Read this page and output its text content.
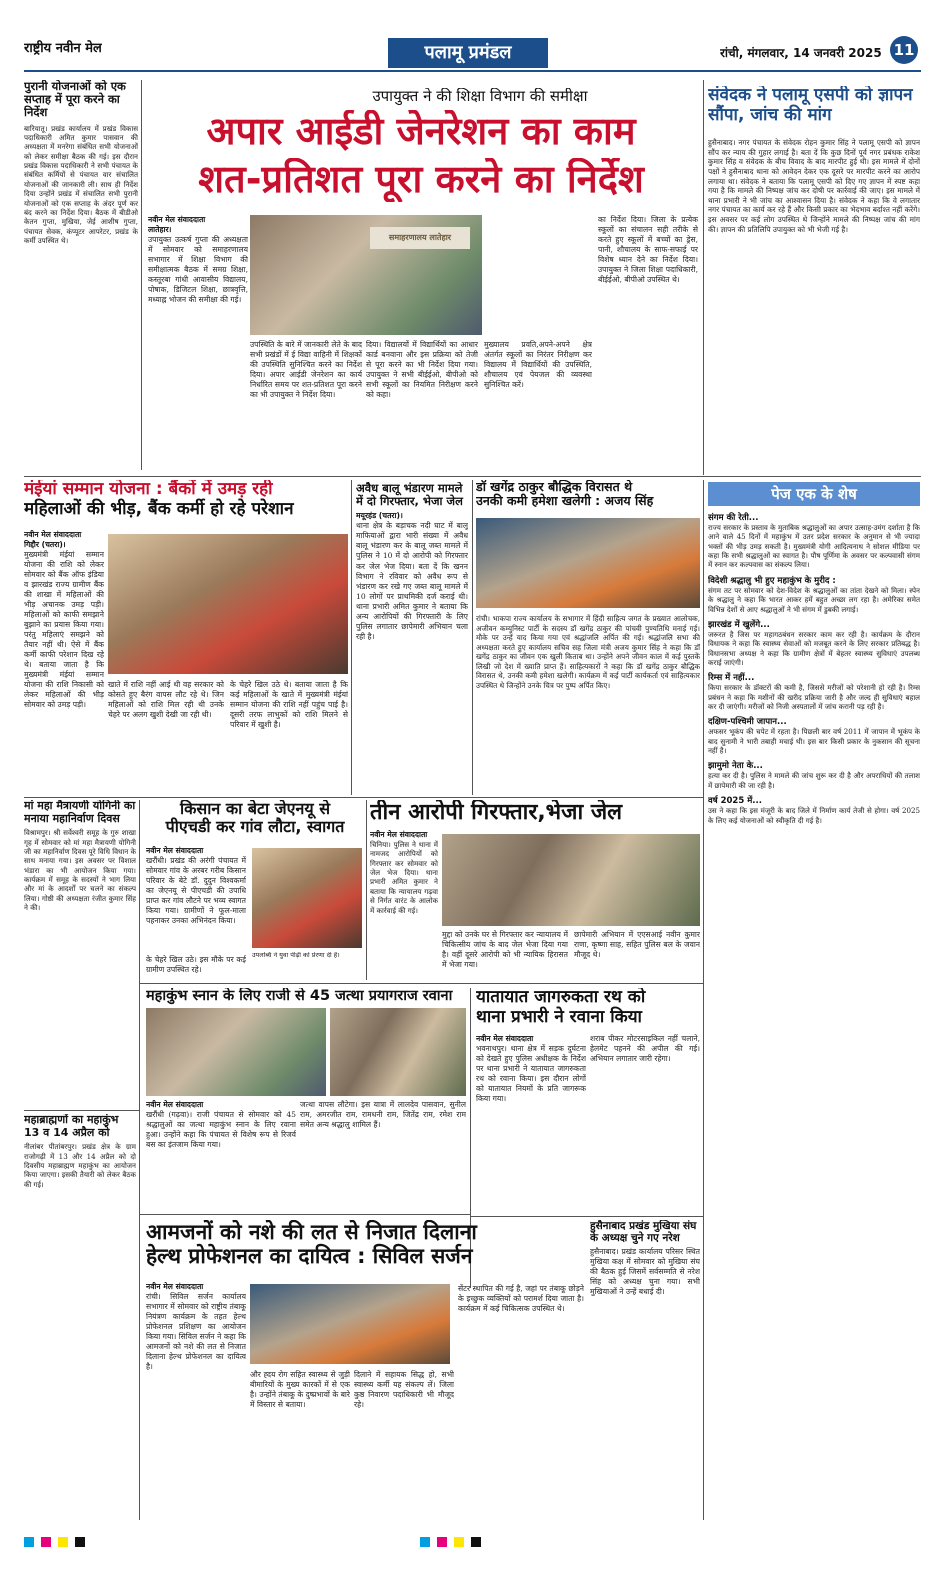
राष्ट्रीय नवीन मेल	पलामू प्रमंडल	रांची, मंगलवार, 14 जनवरी 2025 11
पुरानी योजनाओं को एक सप्ताह में पूरा करने का निर्देश
बारियातू। प्रखंड कार्यालय में प्रखंड विकास पदाधिकारी अमित कुमार पासवान की अध्यक्षता में मनरेगा संबंधित सभी योजनाओं को लेकर समीक्षा बैठक की गई। इस दौरान प्रखंड विकास पदाधिकारी ने सभी पंचायत के संबंधित कर्मियों से पंचायत वार संचालित योजनाओं की जानकारी ली। साथ ही निर्देश दिया उन्होंने प्रखंड में संचालित सभी पुरानी योजनाओं को एक सप्ताह के अंदर पूर्ण कर बंद करने का निर्देश दिया। बैठक में बीडीओ केतन गुप्ता, मुखिया, जेई आशीष गुप्ता, पंचायत सेवक, कंप्यूटर आपरेटर, प्रखंड के कर्मी उपस्थित थे।
उपायुक्त ने की शिक्षा विभाग की समीक्षा
अपार आईडी जेनरेशन का काम
शत-प्रतिशत पूरा करने का निर्देश
नवीन मेल संवाददाता
लातेहार।
उपायुक्त उत्कर्ष गुप्ता की अध्यक्षता में सोमवार को समाहरणालय सभागार में शिक्षा विभाग की समीक्षात्मक बैठक में समग्र शिक्षा, कस्तूरबा गांधी आवासीय विद्यालय, पोषाक, डिजिटल शिक्षा, छात्रवृत्ति, मध्याह्न भोजन की समीक्षा की गई।
समाहरणालय लातेहार
उपस्थिति के बारे में जानकारी लेते के बाद सभी प्रखंडों में ई विद्या वाहिनी में शिक्षकों की उपस्थिति सुनिश्चित करने का निर्देश दिया। अपार आईडी जेनरेशन का कार्य निर्धारित समय पर शत-प्रतिशत पूरा करने का भी उपायुक्त ने निर्देश दिया।
दिया। विद्यालयों में विद्यार्थियों का आधार कार्ड बनवाना और इस प्रक्रिया को तेजी से पूरा करने का भी निर्देश दिया गया। उपायुक्त ने सभी बीईईओ, बीपीओ को सभी स्कूलों का नियमित निरीक्षण करने को कहा।
मुख्यालय प्रवति,अपने-अपने क्षेत्र अंतर्गत स्कूलों का निरंतर निरीक्षण कर विद्यालय में विद्यार्थियों की उपस्थिति, शौचालय एवं पेयजल की व्यवस्था सुनिश्चित करें।
का निर्देश दिया। जिला के प्रत्येक स्कूलों का संचालन सही तरीके से करते हुए स्कूलों में बच्चों का ड्रेस, पानी, शौचालय के साफ-सफाई पर विशेष ध्यान देने का निर्देश दिया। उपायुक्त ने जिला शिक्षा पदाधिकारी, बीईईओ, बीपीओ उपस्थित थे।
संवेदक ने पलामू एसपी को ज्ञापन सौंपा, जांच की मांग
हुसैनाबाद। नगर पंचायत के संवेदक रोहन कुमार सिंह ने पलामू एसपी को ज्ञापन सौंप कर न्याय की गुहार लगाई है। बता दें कि कुछ दिनों पूर्व नगर प्रबंधक राकेश कुमार सिंह व संवेदक के बीच विवाद के बाद मारपीट हुई थी। इस मामले में दोनों पक्षों ने हुसैनाबाद थाना को आवेदन देकर एक दूसरे पर मारपीट करने का आरोप लगाया था। संवेदक ने बताया कि पलामू एसपी को दिए गए ज्ञापन में स्पष्ट कहा गया है कि मामले की निष्पक्ष जांच कर दोषी पर कार्रवाई की जाए। इस मामले में थाना प्रभारी ने भी जांच का आश्वासन दिया है। संवेदक ने कहा कि वे लगातार नगर पंचायत का कार्य कर रहे हैं और किसी प्रकार का भेदभाव बर्दाश्त नहीं करेंगे। इस अवसर पर कई लोग उपस्थित थे जिन्होंने मामले की निष्पक्ष जांच की मांग की। ज्ञापन की प्रतिलिपि उपायुक्त को भी भेजी गई है।
मंईयां सम्मान योजना : बैंकों में उमड़ रही
महिलाओं की भीड़, बैंक कर्मी हो रहे परेशान
नवीन मेल संवाददाता
गिद्दौर (चतरा)।
मुख्यमंत्री मंईयां सम्मान योजना की राशि को लेकर सोमवार को बैंक ऑफ इंडिया व झारखंड राज्य ग्रामीण बैंक की शाखा में महिलाओं की भीड़ अचानक उमड़ पड़ी। महिलाओं को काफी समझाने बुझाने का प्रयास किया गया। परंतु महिलाएं समझने को तैयार नहीं थी। ऐसे में बैंक कर्मी काफी परेशान दिख रहे थे। बताया जाता है कि मुख्यमंत्री मंईयां सम्मान योजना की राशि निकासी को लेकर महिलाओं की भीड़ सोमवार को उमड़ पड़ी।
खाते में राशि नहीं आई थी वह सरकार को कोसते हुए बैरंग वापस लौट रहे थे। जिन महिलाओं को राशि मिल रही थी उनके चेहरे पर अलग खुशी देखी जा रही थी।
के चेहरे खिल उठे थे। बताया जाता है कि कई महिलाओं के खाते में मुख्यमंत्री मंईयां सम्मान योजना की राशि नहीं पहुंच पाई है। दूसरी तरफ लाभुकों को राशि मिलने से परिवार में खुशी है।
अवैध बालू भंडारण मामले में दो गिरफ्तार, भेजा जेल
मयूरहंड (चतरा)।
थाना क्षेत्र के बड़ाचक नदी घाट में बालू माफियाओं द्वारा भारी संख्या में अवैध बालू भंडारण कर के बालू जब्त मामले में पुलिस ने 10 में दो आरोपी को गिरफ्तार कर जेल भेज दिया। बता दें कि खनन विभाग ने रविवार को अवैध रूप से भंडारण कर रखे गए जब्त बालू मामले में 10 लोगों पर प्राथमिकी दर्ज कराई थी। थाना प्रभारी अमित कुमार ने बताया कि अन्य आरोपियों की गिरफ्तारी के लिए पुलिस लगातार छापेमारी अभियान चला रही है।
डॉ खगेंद्र ठाकुर बौद्धिक विरासत थे
उनकी कमी हमेशा खलेगी : अजय सिंह
रांची। भाकपा राज्य कार्यालय के सभागार में हिंदी साहित्य जगत के प्रख्यात आलोचक, अजीवन कम्युनिस्ट पार्टी के सदस्य डॉ खगेंद्र ठाकुर की पांचवी पुण्यतिथि मनाई गई। मौके पर उन्हें याद किया गया एवं श्रद्धांजलि अर्पित की गई। श्रद्धांजलि सभा की अध्यक्षता करते हुए कार्यालय सचिव सह जिला मंत्री अजय कुमार सिंह ने कहा कि डॉ खगेंद्र ठाकुर का जीवन एक खुली किताब था। उन्होंने अपने जीवन काल में कई पुस्तकें लिखी जो देश में ख्याति प्राप्त हैं। साहित्यकारों ने कहा कि डॉ खगेंद्र ठाकुर बौद्धिक विरासत थे, उनकी कमी हमेशा खलेगी। कार्यक्रम में कई पार्टी कार्यकर्ता एवं साहित्यकार उपस्थित थे जिन्होंने उनके चित्र पर पुष्प अर्पित किए।
पेज एक के शेष
संगम की रेती...
राज्य सरकार के प्रस्ताव के मुताबिक श्रद्धालुओं का अपार उत्साह-उमंग दर्शाता है कि आने वाले 45 दिनों में महाकुंभ में उतर प्रदेश सरकार के अनुमान से भी ज्यादा भक्तों की भीड़ उमड़ सकती है। मुख्यमंत्री योगी आदित्यनाथ ने सोशल मीडिया पर कहा कि सभी श्रद्धालुओं का स्वागत है। पौष पूर्णिमा के अवसर पर कल्पवासी संगम में स्नान कर कल्पवास का संकल्प लिया।
विदेशी श्रद्धालु भी हुए महाकुंभ के मुरीद :
संगम तट पर सोमवार को देश-विदेश के श्रद्धालुओं का तांता देखने को मिला। स्पेन के श्रद्धालु ने कहा कि भारत आकर हमें बहुत अच्छा लग रहा है। अमेरिका समेत विभिन्न देशों से आए श्रद्धालुओं ने भी संगम में डुबकी लगाई।
झारखंड में खुलेंगे...
जरूरत है जिस पर महागठबंधन सरकार काम कर रही है। कार्यक्रम के दौरान विधायक ने कहा कि स्वास्थ्य सेवाओं को मजबूत करने के लिए सरकार प्रतिबद्ध है। विधानसभा अध्यक्ष ने कहा कि ग्रामीण क्षेत्रों में बेहतर स्वास्थ्य सुविधाएं उपलब्ध कराई जाएंगी।
रिम्स में नहीं...
किया सरकार के डॉक्टरों की कमी है, जिससे मरीजों को परेशानी हो रही है। रिम्स प्रबंधन ने कहा कि मशीनों की खरीद प्रक्रिया जारी है और जल्द ही सुविधाएं बहाल कर दी जाएंगी। मरीजों को निजी अस्पतालों में जांच करानी पड़ रही है।
दक्षिण-पश्चिमी जापान...
अफसर भूकंप की चपेट में रहता है। पिछली बार वर्ष 2011 में जापान में भूकंप के बाद सुनामी ने भारी तबाही मचाई थी। इस बार किसी प्रकार के नुकसान की सूचना नहीं है।
झामुमो नेता के...
हत्या कर दी है। पुलिस ने मामले की जांच शुरू कर दी है और अपराधियों की तलाश में छापेमारी की जा रही है।
वर्ष 2025 में...
उस ने कहा कि इस मंजूरी के बाद जिले में निर्माण कार्य तेजी से होगा। वर्ष 2025 के लिए कई योजनाओं को स्वीकृति दी गई है।
मां महा मैत्रायणी योगिनी का मनाया महानिर्वाण दिवस
विश्रामपुर। श्री सर्वेश्वरी समूह के गुरु शाखा गृह में सोमवार को मां महा मैत्रायणी योगिनी जी का महानिर्वाण दिवस पूरे विधि विधान के साथ मनाया गया। इस अवसर पर विशाल भंडारा का भी आयोजन किया गया। कार्यक्रम में समूह के सदस्यों ने भाग लिया और मां के आदर्शों पर चलने का संकल्प लिया। गोष्ठी की अध्यक्षता रंजीत कुमार सिंह ने की।
किसान का बेटा जेएनयू से
पीएचडी कर गांव लौटा, स्वागत
नवीन मेल संवाददाता
खरौंधी। प्रखंड की अरंगी पंचायत में सोमवार गांव के अरबर गरीब किसान परिवार के बेटे डॉ. दुदुन विश्वकर्मा का जेएनयू से पीएचडी की उपाधि प्राप्त कर गांव लौटने पर भव्य स्वागत किया गया। ग्रामीणों ने फूल-माला पहनाकर उनका अभिनंदन किया।
उपलब्धि ने युवा पीढ़ी को प्रेरणा दी है।
के चेहरे खिल उठे। इस मौके पर कई ग्रामीण उपस्थित रहे।
तीन आरोपी गिरफ्तार,भेजा जेल
नवीन मेल संवाददाता
चिनिया। पुलिस ने थाना में नामजद आरोपियों को गिरफ्तार कर सोमवार को जेल भेज दिया। थाना प्रभारी अमित कुमार ने बताया कि न्यायालय गढ़वा से निर्गत वारंट के आलोक में कार्रवाई की गई।
मुद्दा को उनके घर से गिरफ्तार कर न्यायालय में चिकित्सीय जांच के बाद जेल भेजा दिया गया है। वहीं दूसरे आरोपी को भी न्यायिक हिरासत में भेजा गया।
छापेमारी अभियान में एएसआई नवीन कुमार राणा, कृष्णा साह, सहित पुलिस बल के जवान मौजूद थे।
महाब्राह्मणों का महाकुंभ 13 व 14 अप्रैल को
नीलांबर पीतांबरपुर। प्रखंड क्षेत्र के ग्राम राजोगढ़ी में 13 और 14 अप्रैल को दो दिवसीय महाब्राह्मण महाकुंभ का आयोजन किया जाएगा। इसकी तैयारी को लेकर बैठक की गई।
महाकुंभ स्नान के लिए राजी से 45 जत्था प्रयागराज रवाना
नवीन मेल संवाददाता
खरौंधी (गढ़वा)। राजी पंचायत से सोमवार को 45 श्रद्धालुओं का जत्था महाकुंभ स्नान के लिए रवाना हुआ। उन्होंने कहा कि पंचायत से विशेष रूप से रिजर्व बस का इंतजाम किया गया।
जत्था वापस लौटेगा। इस यात्रा में लालदेव पासवान, सुनील राम, अमरजीत राम, रामधनी राम, जितेंद्र राम, रमेश राम समेत अन्य श्रद्धालु शामिल हैं।
यातायात जागरुकता रथ को
थाना प्रभारी ने रवाना किया
नवीन मेल संवाददाता
भवनाथपुर। थाना क्षेत्र में सड़क दुर्घटना को देखते हुए पुलिस अधीक्षक के निर्देश पर थाना प्रभारी ने यातायात जागरुकता रथ को रवाना किया। इस दौरान लोगों को यातायात नियमों के प्रति जागरूक किया गया।
शराब पीकर मोटरसाइकिल नहीं चलाने, हेलमेट पहनने की अपील की गई। अभियान लगातार जारी रहेगा।
हुसैनाबाद प्रखंड मुखिया संघ के अध्यक्ष चुने गए नरेश
हुसैनाबाद। प्रखंड कार्यालय परिसर स्थित मुखिया कक्ष में सोमवार को मुखिया संघ की बैठक हुई जिसमें सर्वसम्मति से नरेश सिंह को अध्यक्ष चुना गया। सभी मुखियाओं ने उन्हें बधाई दी।
आमजनों को नशे की लत से निजात दिलाना
हेल्थ प्रोफेशनल का दायित्व : सिविल सर्जन
नवीन मेल संवाददाता
रांची। सिविल सर्जन कार्यालय सभागार में सोमवार को राष्ट्रीय तंबाकू नियंत्रण कार्यक्रम के तहत हेल्थ प्रोफेशनल प्रशिक्षण का आयोजन किया गया। सिविल सर्जन ने कहा कि आमजनों को नशे की लत से निजात दिलाना हेल्थ प्रोफेशनल का दायित्व है।
और ह्दय रोग सहित स्वास्थ्य से जुड़ी बीमारियों के मुख्य कारकों में से एक है। उन्होंने तंबाकू के दुष्प्रभावों के बारे में विस्तार से बताया।
दिलाने में सहायक सिद्ध हो, सभी स्वास्थ्य कर्मी यह संकल्प लें। जिला कुष्ठ निवारण पदाधिकारी भी मौजूद रहे।
सेंटर स्थापित की गई है, जहां पर तंबाकू छोड़ने के इच्छुक व्यक्तियों को परामर्श दिया जाता है। कार्यक्रम में कई चिकित्सक उपस्थित थे।
